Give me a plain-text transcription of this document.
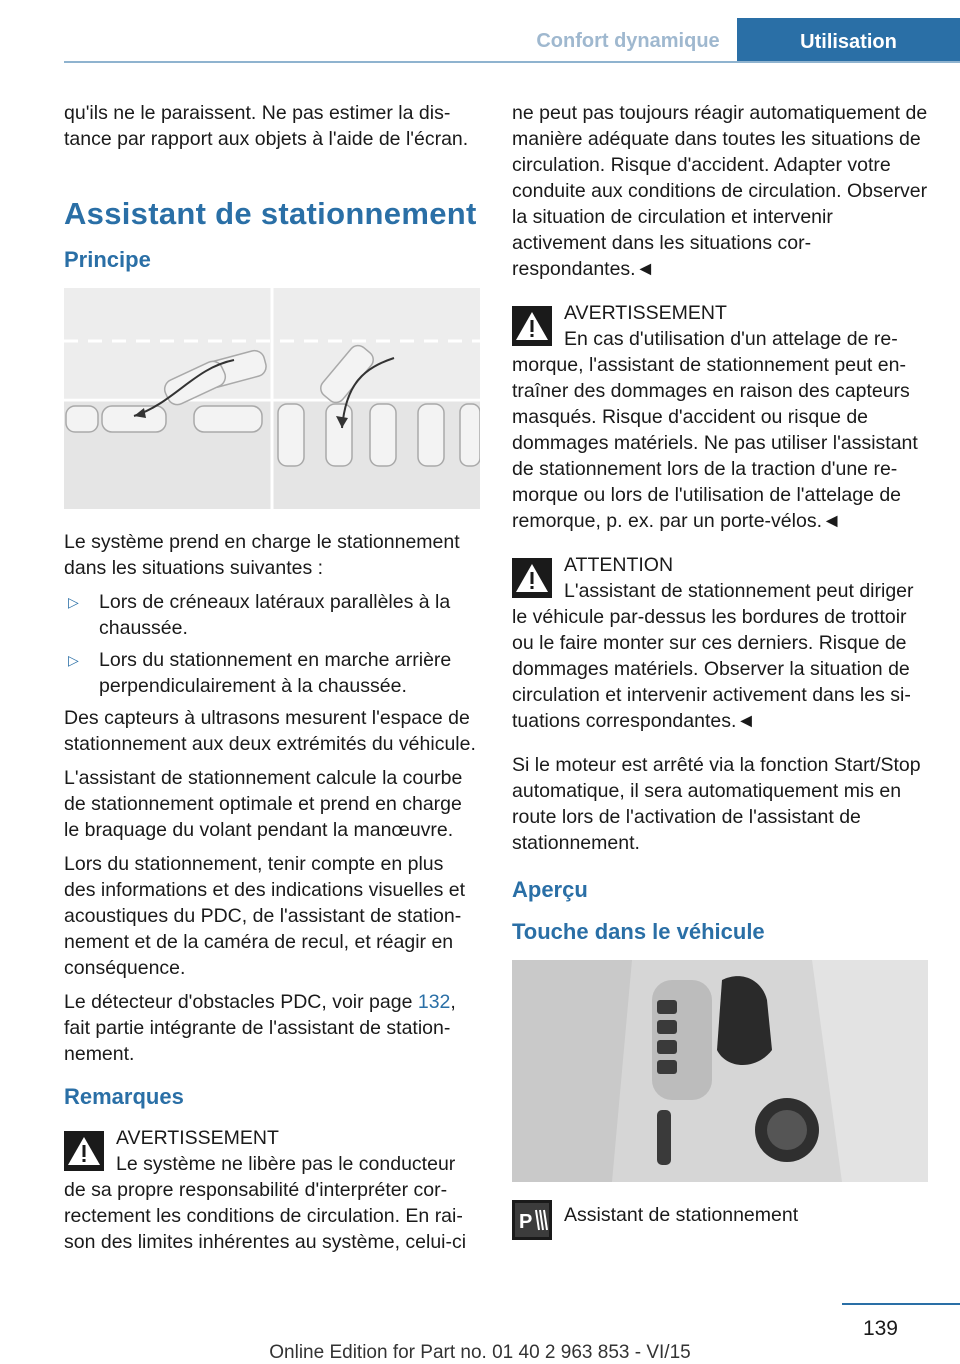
Confort dynamique	Utilisation

qu'ils ne le paraissent. Ne pas estimer la distance par rapport aux objets à l'aide de l'écran.

Assistant de stationnement
Principe

Le système prend en charge le stationnement dans les situations suivantes :

▷ Lors de créneaux latéraux parallèles à la chaussée.
▷ Lors du stationnement en marche arrière perpendiculairement à la chaussée.

Des capteurs à ultrasons mesurent l'espace de stationnement aux deux extrémités du véhicule.

L'assistant de stationnement calcule la courbe de stationnement optimale et prend en charge le braquage du volant pendant la manœuvre.

Lors du stationnement, tenir compte en plus des informations et des indications visuelles et acoustiques du PDC, de l'assistant de stationnement et de la caméra de recul, et réagir en conséquence.

Le détecteur d'obstacles PDC, voir page 132, fait partie intégrante de l'assistant de stationnement.

Remarques
AVERTISSEMENT
Le système ne libère pas le conducteur de sa propre responsabilité d'interpréter correctement les conditions de circulation. En raison des limites inhérentes au système, celui-ci

ne peut pas toujours réagir automatiquement de manière adéquate dans toutes les situations de circulation. Risque d'accident. Adapter votre conduite aux conditions de circulation. Observer la situation de circulation et intervenir activement dans les situations correspondantes.◄

AVERTISSEMENT
En cas d'utilisation d'un attelage de remorque, l'assistant de stationnement peut entraîner des dommages en raison des capteurs masqués. Risque d'accident ou risque de dommages matériels. Ne pas utiliser l'assistant de stationnement lors de la traction d'une remorque ou lors de l'utilisation de l'attelage de remorque, p. ex. par un porte-vélos.◄
ATTENTION
L'assistant de stationnement peut diriger le véhicule par-dessus les bordures de trottoir ou le faire monter sur ces derniers. Risque de dommages matériels. Observer la situation de circulation et intervenir activement dans les situations correspondantes.◄

Si le moteur est arrêté via la fonction Start/Stop automatique, il sera automatiquement mis en route lors de l'activation de l'assistant de stationnement.

Aperçu
Touche dans le véhicule
P Assistant de stationnement
139
Online Edition for Part no. 01 40 2 963 853 - VI/15
